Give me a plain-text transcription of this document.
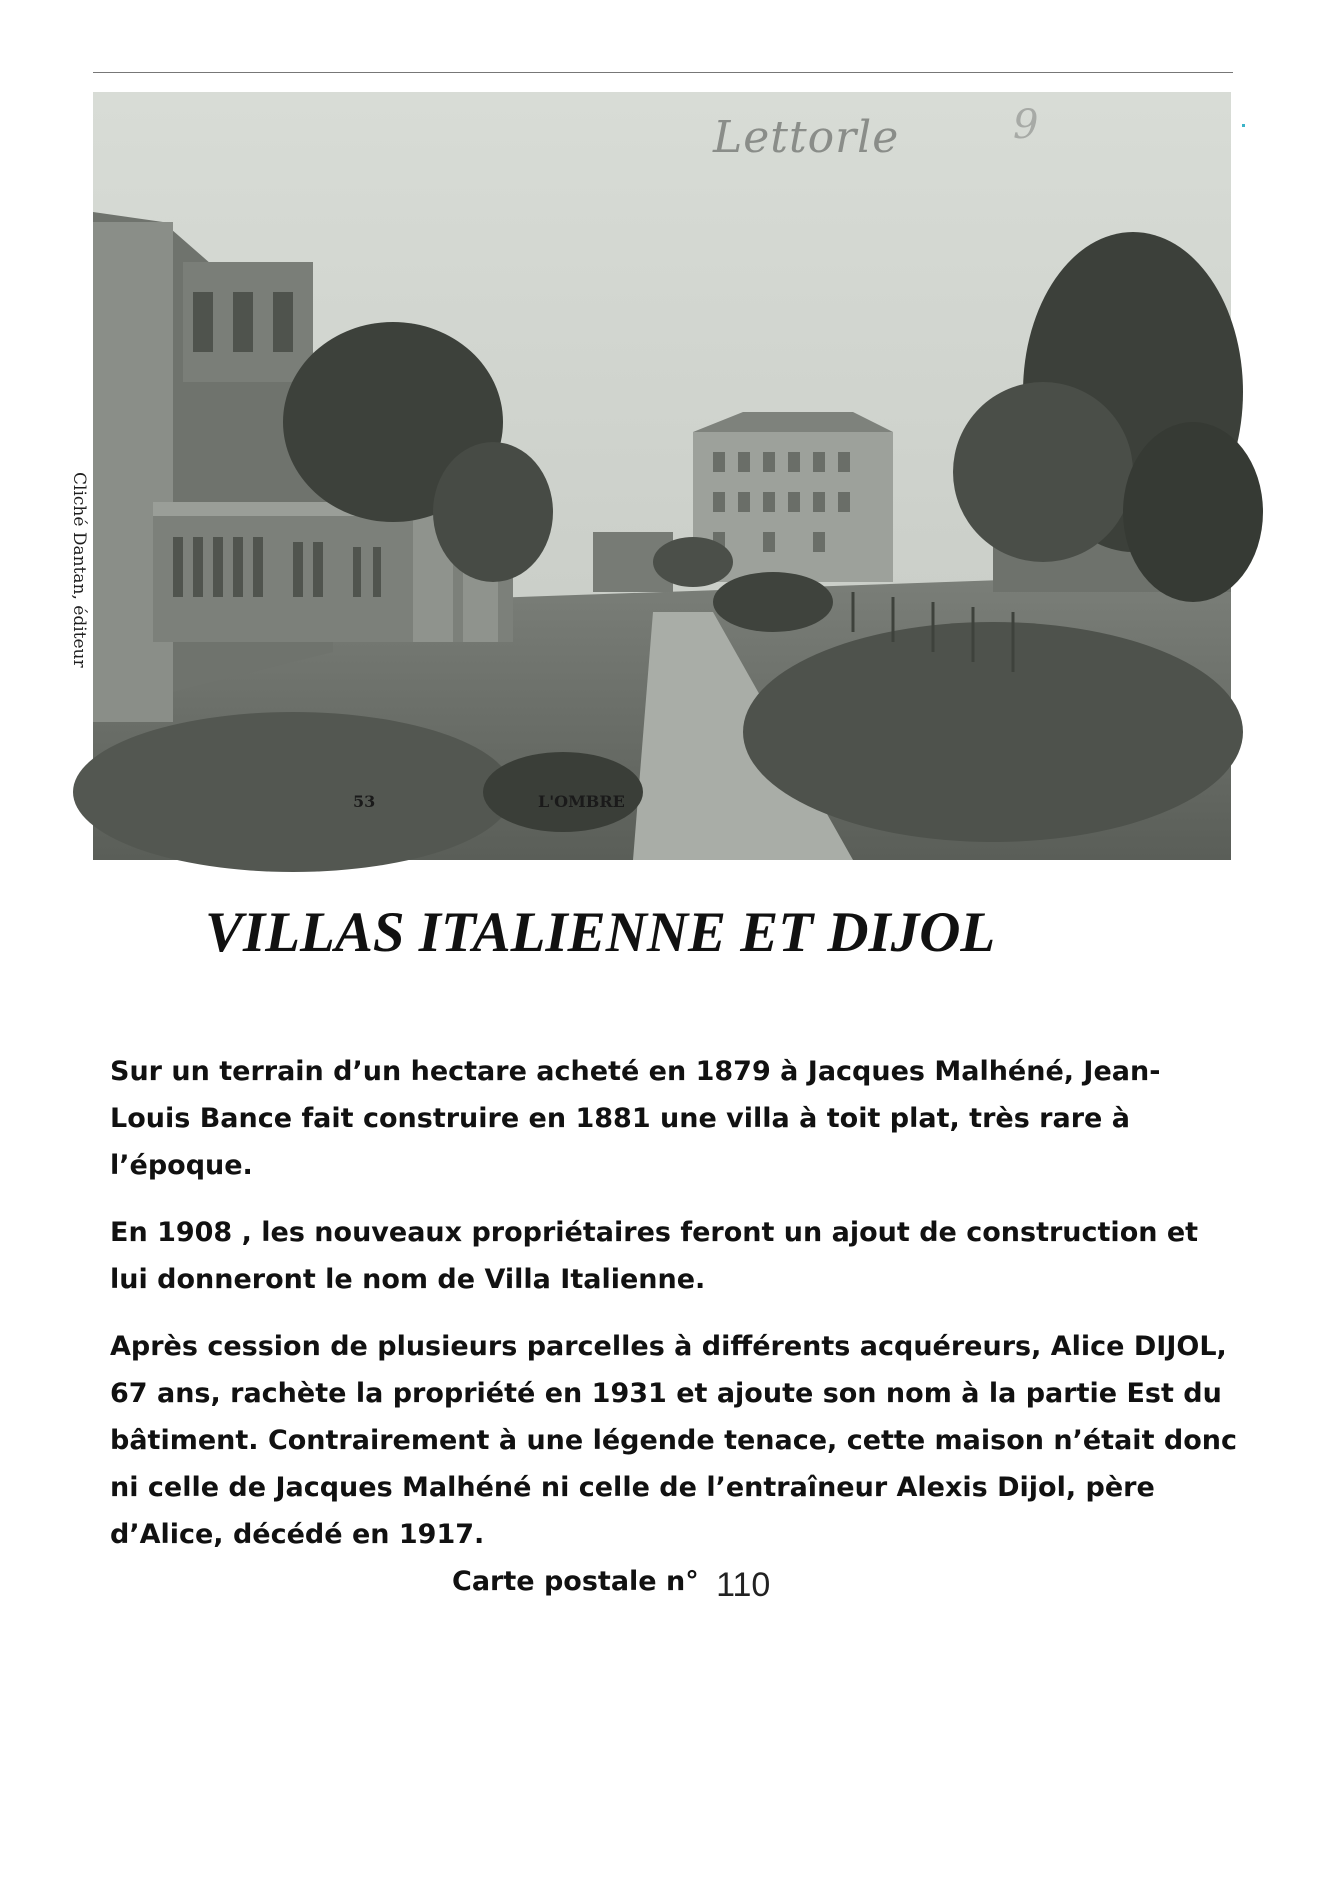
Lettorle	9
Cliché Dantan, éditeur
53	L'OMBRE
VILLAS ITALIENNE ET DIJOL

Sur un terrain d’un hectare acheté en 1879 à Jacques Malhéné, Jean-Louis Bance fait construire en 1881 une villa à toit plat, très rare à l’époque.

En 1908 , les nouveaux propriétaires feront un ajout de construction et lui donneront le nom de Villa Italienne.

Après cession de plusieurs parcelles à différents acquéreurs, Alice DIJOL, 67 ans, rachète la propriété en 1931 et ajoute son nom à la partie Est du bâtiment. Contrairement à une légende tenace, cette maison n’était donc ni celle de Jacques Malhéné ni celle de l’entraîneur Alexis Dijol, père d’Alice, décédé en 1917.

Carte postale n° 110
